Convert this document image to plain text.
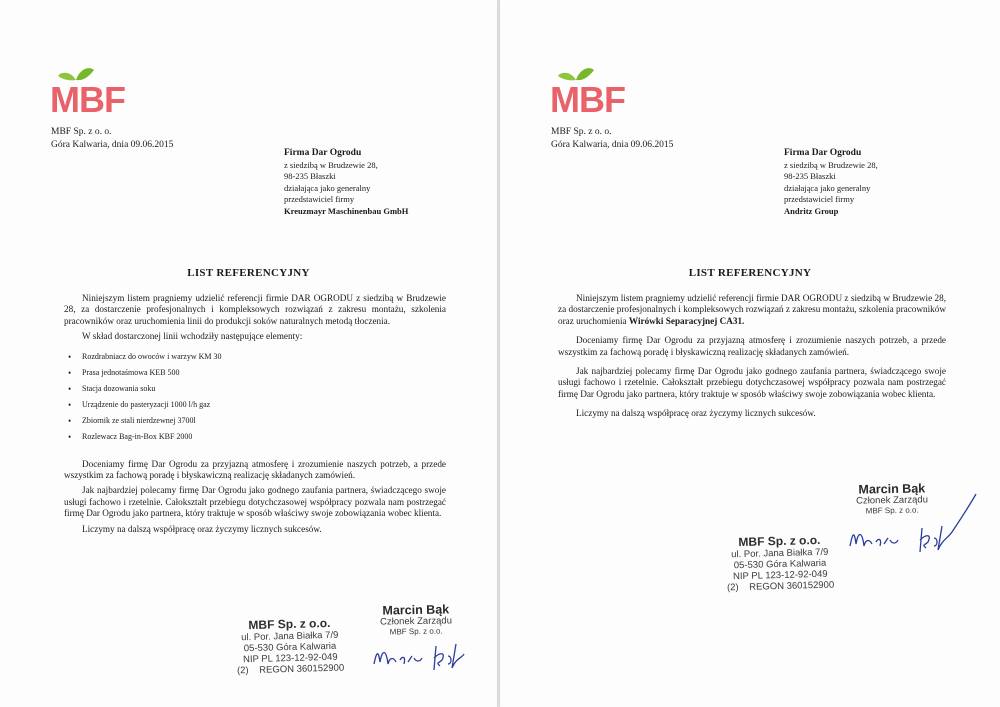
MBF
MBF Sp. z o. o.
Góra Kalwaria, dnia 09.06.2015
Firma Dar Ogrodu
z siedzibą w Brudzewie 28,
98-235 Błaszki
działająca jako generalny
przedstawiciel firmy
Kreuzmayr Maschinenbau GmbH
LIST REFERENCYJNY

Niniejszym listem pragniemy udzielić referencji firmie DAR OGRODU z siedzibą w Brudzewie 28, za dostarczenie profesjonalnych i kompleksowych rozwiązań z zakresu montażu, szkolenia pracowników oraz uruchomienia linii do produkcji soków naturalnych metodą tłoczenia.

W skład dostarczonej linii wchodziły następujące elementy:

• Rozdrabniacz do owoców i warzyw KM 30
• Prasa jednotaśmowa KEB 500
• Stacja dozowania soku
• Urządzenie do pasteryzacji 1000 l/h gaz
• Zbiornik ze stali nierdzewnej 3700l
• Rozlewacz Bag-in-Box KBF 2000

Doceniamy firmę Dar Ogrodu za przyjazną atmosferę i zrozumienie naszych potrzeb, a przede wszystkim za fachową poradę i błyskawiczną realizację składanych zamówień.

Jak najbardziej polecamy firmę Dar Ogrodu jako godnego zaufania partnera, świadczącego swoje usługi fachowo i rzetelnie. Całokształt przebiegu dotychczasowej współpracy pozwala nam postrzegać firmę Dar Ogrodu jako partnera, który traktuje w sposób właściwy swoje zobowiązania wobec klienta.

Liczymy na dalszą współpracę oraz życzymy licznych sukcesów.

MBF Sp. z o.o.
ul. Por. Jana Białka 7/9
05-530 Góra Kalwaria
NIP PL 123-12-92-049
(2)    REGON 360152900
Marcin Bąk
Członek Zarządu
MBF Sp. z o.o.
MBF
MBF Sp. z o. o.
Góra Kalwaria, dnia 09.06.2015
Firma Dar Ogrodu
z siedzibą w Brudzewie 28,
98-235 Błaszki
działająca jako generalny
przedstawiciel firmy
Andritz Group
LIST REFERENCYJNY

Niniejszym listem pragniemy udzielić referencji firmie DAR OGRODU z siedzibą w Brudzewie 28, za dostarczenie profesjonalnych i kompleksowych rozwiązań z zakresu montażu, szkolenia pracowników oraz uruchomienia Wirówki Separacyjnej CA31.

Doceniamy firmę Dar Ogrodu za przyjazną atmosferę i zrozumienie naszych potrzeb, a przede wszystkim za fachową poradę i błyskawiczną realizację składanych zamówień.

Jak najbardziej polecamy firmę Dar Ogrodu jako godnego zaufania partnera, świadczącego swoje usługi fachowo i rzetelnie. Całokształt przebiegu dotychczasowej współpracy pozwala nam postrzegać firmę Dar Ogrodu jako partnera, który traktuje w sposób właściwy swoje zobowiązania wobec klienta.

Liczymy na dalszą współpracę oraz życzymy licznych sukcesów.

MBF Sp. z o.o.
ul. Por. Jana Białka 7/9
05-530 Góra Kalwaria
NIP PL 123-12-92-049
(2)    REGON 360152900
Marcin Bąk
Członek Zarządu
MBF Sp. z o.o.
